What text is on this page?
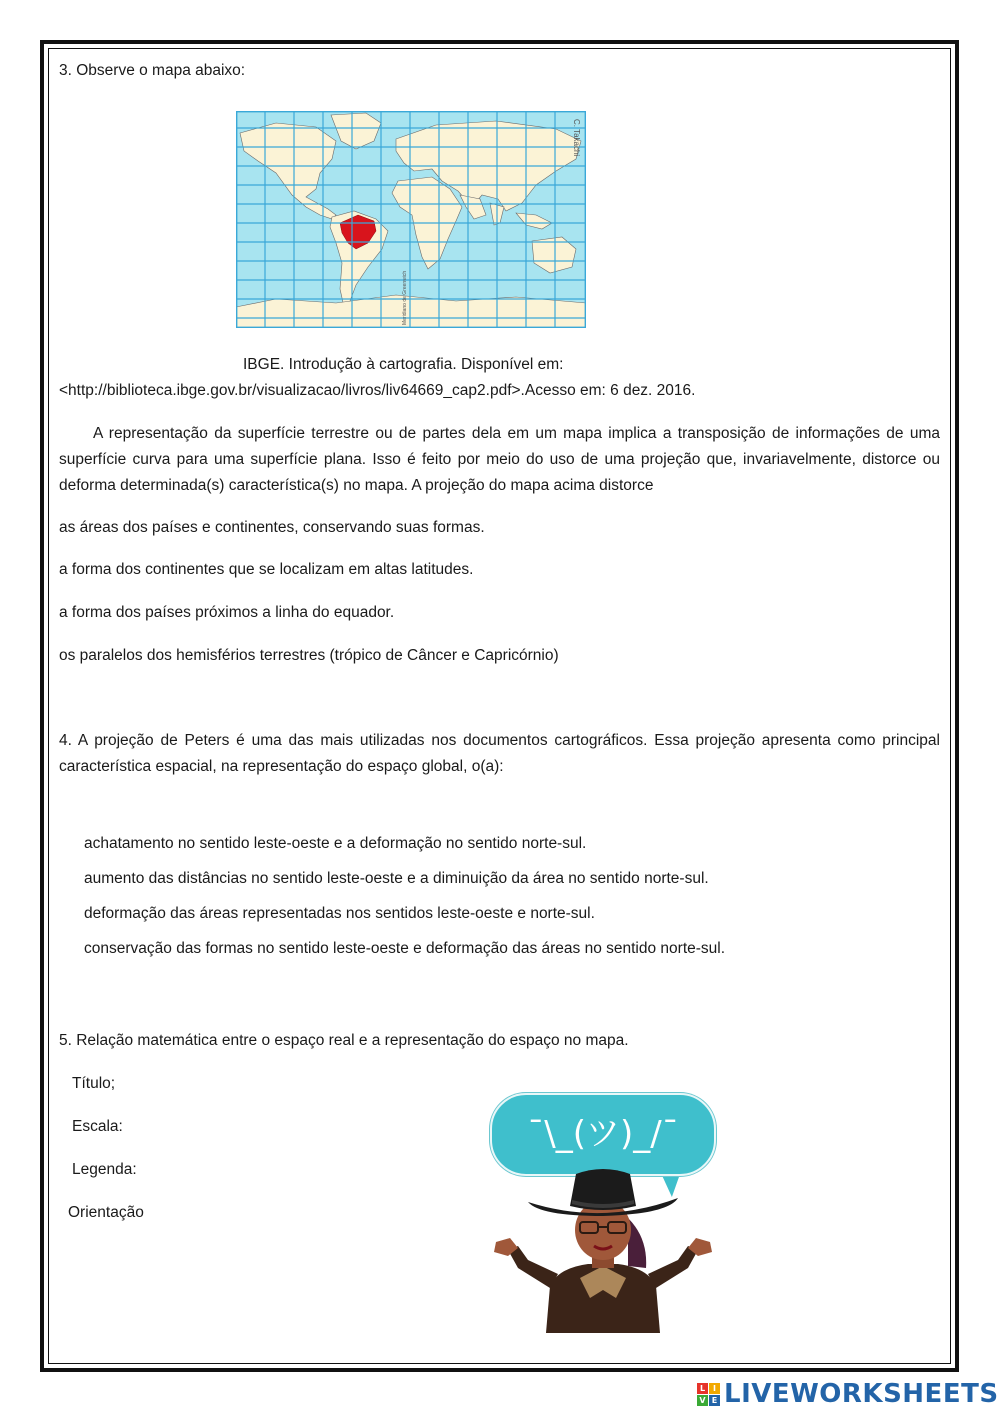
3. Observe o mapa abaixo:
C. Takachi
Meridiano de Greenwich
IBGE. Introdução à cartografia. Disponível em:
<http://biblioteca.ibge.gov.br/visualizacao/livros/liv64669_cap2.pdf>.Acesso em: 6 dez. 2016.
A representação da superfície terrestre ou de partes dela em um mapa implica a transposição de informações de uma superfície curva para uma superfície plana. Isso é feito por meio do uso de uma projeção que, invariavelmente, distorce ou deforma determinada(s) característica(s) no mapa. A projeção do mapa acima distorce
as áreas dos países e continentes, conservando suas formas.
a forma dos continentes que se localizam em altas latitudes.
a forma dos países próximos a linha do equador.
os paralelos dos hemisférios terrestres (trópico de Câncer e Capricórnio)
4. A projeção de Peters é uma das mais utilizadas nos documentos cartográficos. Essa projeção apresenta como principal característica espacial, na representação do espaço global, o(a):
achatamento no sentido leste-oeste e a deformação no sentido norte-sul.
aumento das distâncias no sentido leste-oeste e a diminuição da área no sentido norte-sul.
deformação das áreas representadas nos sentidos leste-oeste e norte-sul.
conservação das formas no sentido leste-oeste e deformação das áreas no sentido norte-sul.
5. Relação matemática entre o espaço real e a representação do espaço no mapa.
Título;
Escala:
Legenda:
Orientação
¯\_(ツ)_/¯
L I
V E LIVEWORKSHEETS
